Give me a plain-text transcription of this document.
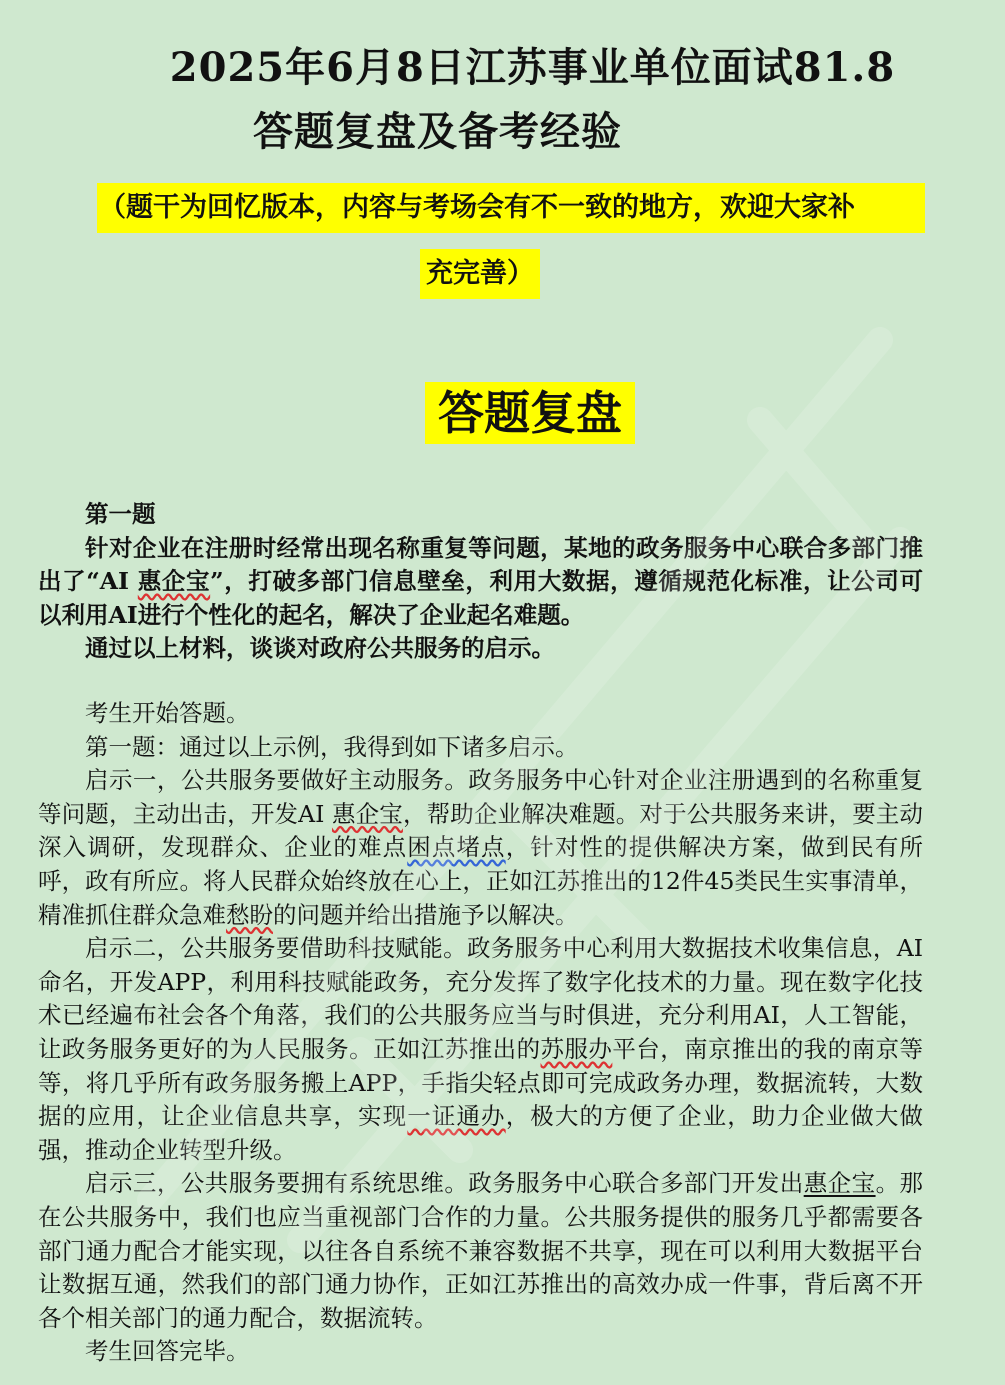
2025年6月8日江苏事业单位面试81.8
答题复盘及备考经验
（题干为回忆版本，内容与考场会有不一致的地方，欢迎大家补
充完善）
答题复盘

第一题

针对企业在注册时经常出现名称重复等问题，某地的政务服务中心联合多部门推出了“AI 惠企宝”，打破多部门信息壁垒，利用大数据，遵循规范化标准，让公司可以利用AI进行个性化的起名，解决了企业起名难题。

通过以上材料，谈谈对政府公共服务的启示。

考生开始答题。

第一题：通过以上示例，我得到如下诸多启示。

启示一，公共服务要做好主动服务。政务服务中心针对企业注册遇到的名称重复等问题，主动出击，开发AI 惠企宝，帮助企业解决难题。对于公共服务来讲，要主动深入调研，发现群众、企业的难点困点堵点，针对性的提供解决方案，做到民有所呼，政有所应。将人民群众始终放在心上，正如江苏推出的12件45类民生实事清单，精准抓住群众急难愁盼的问题并给出措施予以解决。

启示二，公共服务要借助科技赋能。政务服务中心利用大数据技术收集信息，AI命名，开发APP，利用科技赋能政务，充分发挥了数字化技术的力量。现在数字化技术已经遍布社会各个角落，我们的公共服务应当与时俱进，充分利用AI，人工智能，让政务服务更好的为人民服务。正如江苏推出的苏服办平台，南京推出的我的南京等等，将几乎所有政务服务搬上APP，手指尖轻点即可完成政务办理，数据流转，大数据的应用，让企业信息共享，实现一证通办，极大的方便了企业，助力企业做大做强，推动企业转型升级。

启示三，公共服务要拥有系统思维。政务服务中心联合多部门开发出惠企宝。那在公共服务中，我们也应当重视部门合作的力量。公共服务提供的服务几乎都需要各部门通力配合才能实现，以往各自系统不兼容数据不共享，现在可以利用大数据平台让数据互通，然我们的部门通力协作，正如江苏推出的高效办成一件事，背后离不开各个相关部门的通力配合，数据流转。

考生回答完毕。
